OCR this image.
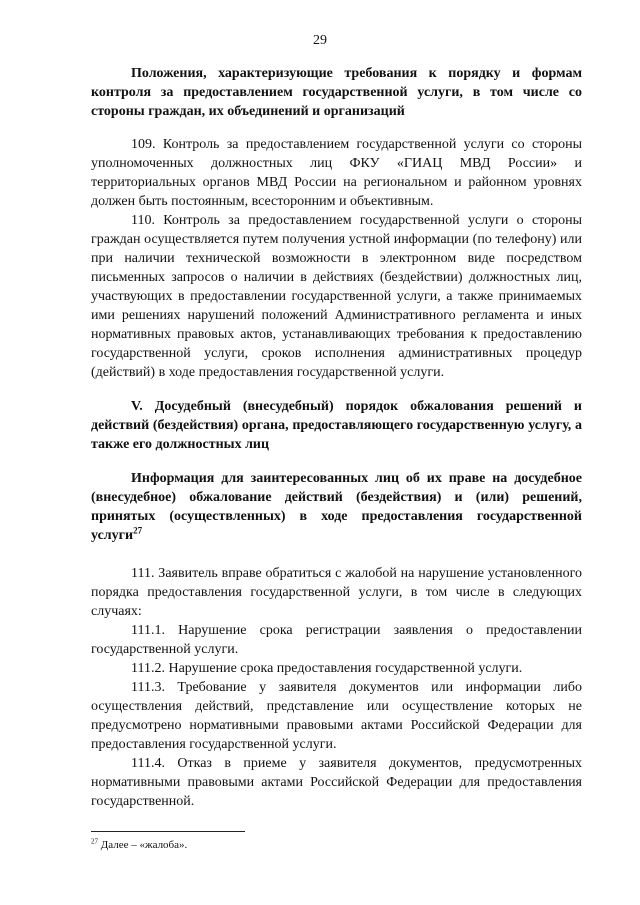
29

Положения, характеризующие требования к порядку и формам контроля за предоставлением государственной услуги, в том числе со стороны граждан, их объединений и организаций

109. Контроль за предоставлением государственной услуги со стороны уполномоченных должностных лиц ФКУ «ГИАЦ МВД России» и территориальных органов МВД России на региональном и районном уровнях должен быть постоянным, всесторонним и объективным.

110. Контроль за предоставлением государственной услуги о стороны граждан осуществляется путем получения устной информации (по телефону) или при наличии технической возможности в электронном виде посредством письменных запросов о наличии в действиях (бездействии) должностных лиц, участвующих в предоставлении государственной услуги, а также принимаемых ими решениях нарушений положений Административного регламента и иных нормативных правовых актов, устанавливающих требования к предоставлению государственной услуги, сроков исполнения административных процедур (действий) в ходе предоставления государственной услуги.

V. Досудебный (внесудебный) порядок обжалования решений и действий (бездействия) органа, предоставляющего государственную услугу, а также его должностных лиц

Информация для заинтересованных лиц об их праве на досудебное (внесудебное) обжалование действий (бездействия) и (или) решений, принятых (осуществленных) в ходе предоставления государственной услуги$^{27}$

111. Заявитель вправе обратиться с жалобой на нарушение установленного порядка предоставления государственной услуги, в том числе в следующих случаях:

111.1. Нарушение срока регистрации заявления о предоставлении государственной услуги.

111.2. Нарушение срока предоставления государственной услуги.

111.3. Требование у заявителя документов или информации либо осуществления действий, представление или осуществление которых не предусмотрено нормативными правовыми актами Российской Федерации для предоставления государственной услуги.

111.4. Отказ в приеме у заявителя документов, предусмотренных нормативными правовыми актами Российской Федерации для предоставления государственной.

$^{27}$ Далее – «жалоба».
